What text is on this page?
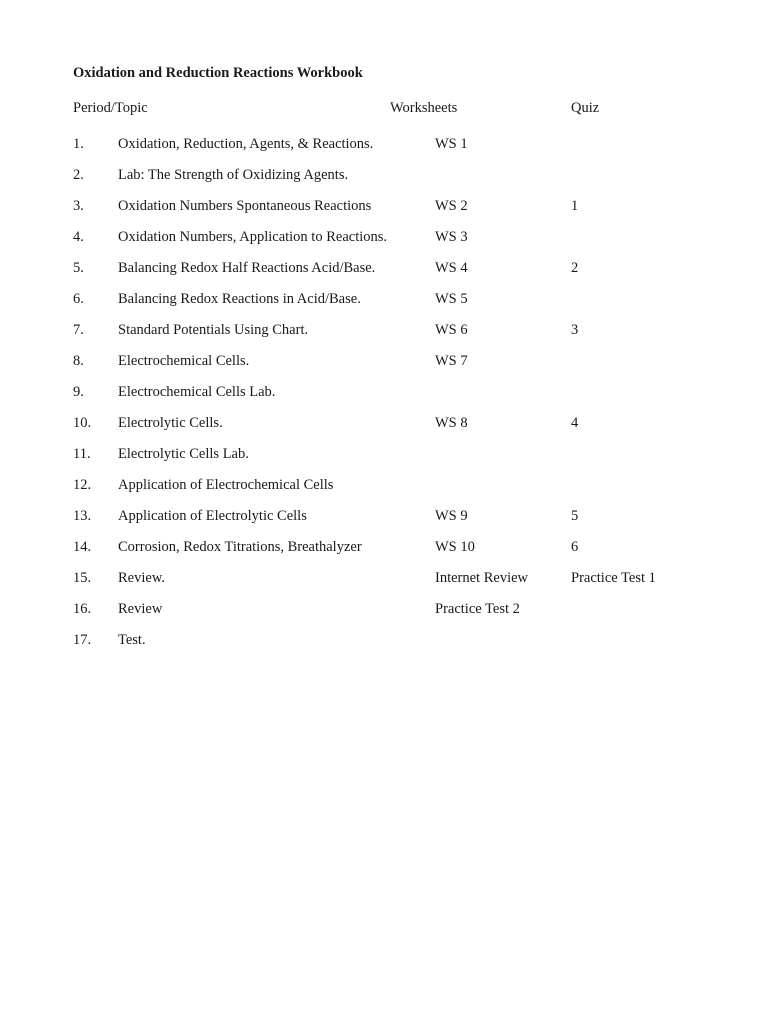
Oxidation and Reduction Reactions Workbook
Period/Topic	Worksheets	Quiz
1. Oxidation, Reduction, Agents, & Reactions.	WS 1
2. Lab: The Strength of Oxidizing Agents.
3. Oxidation Numbers Spontaneous Reactions	WS 2	1
4. Oxidation Numbers, Application to Reactions.	WS 3
5. Balancing Redox Half Reactions Acid/Base.	WS 4	2
6. Balancing Redox Reactions in Acid/Base.	WS 5
7. Standard Potentials Using Chart.	WS 6	3
8. Electrochemical Cells.	WS 7
9. Electrochemical Cells Lab.
10. Electrolytic Cells.	WS 8	4
11. Electrolytic Cells Lab.
12. Application of Electrochemical Cells
13. Application of Electrolytic Cells	WS 9	5
14. Corrosion, Redox Titrations, Breathalyzer	WS 10	6
15. Review.	Internet Review	Practice Test 1
16. Review	Practice Test 2
17. Test.
